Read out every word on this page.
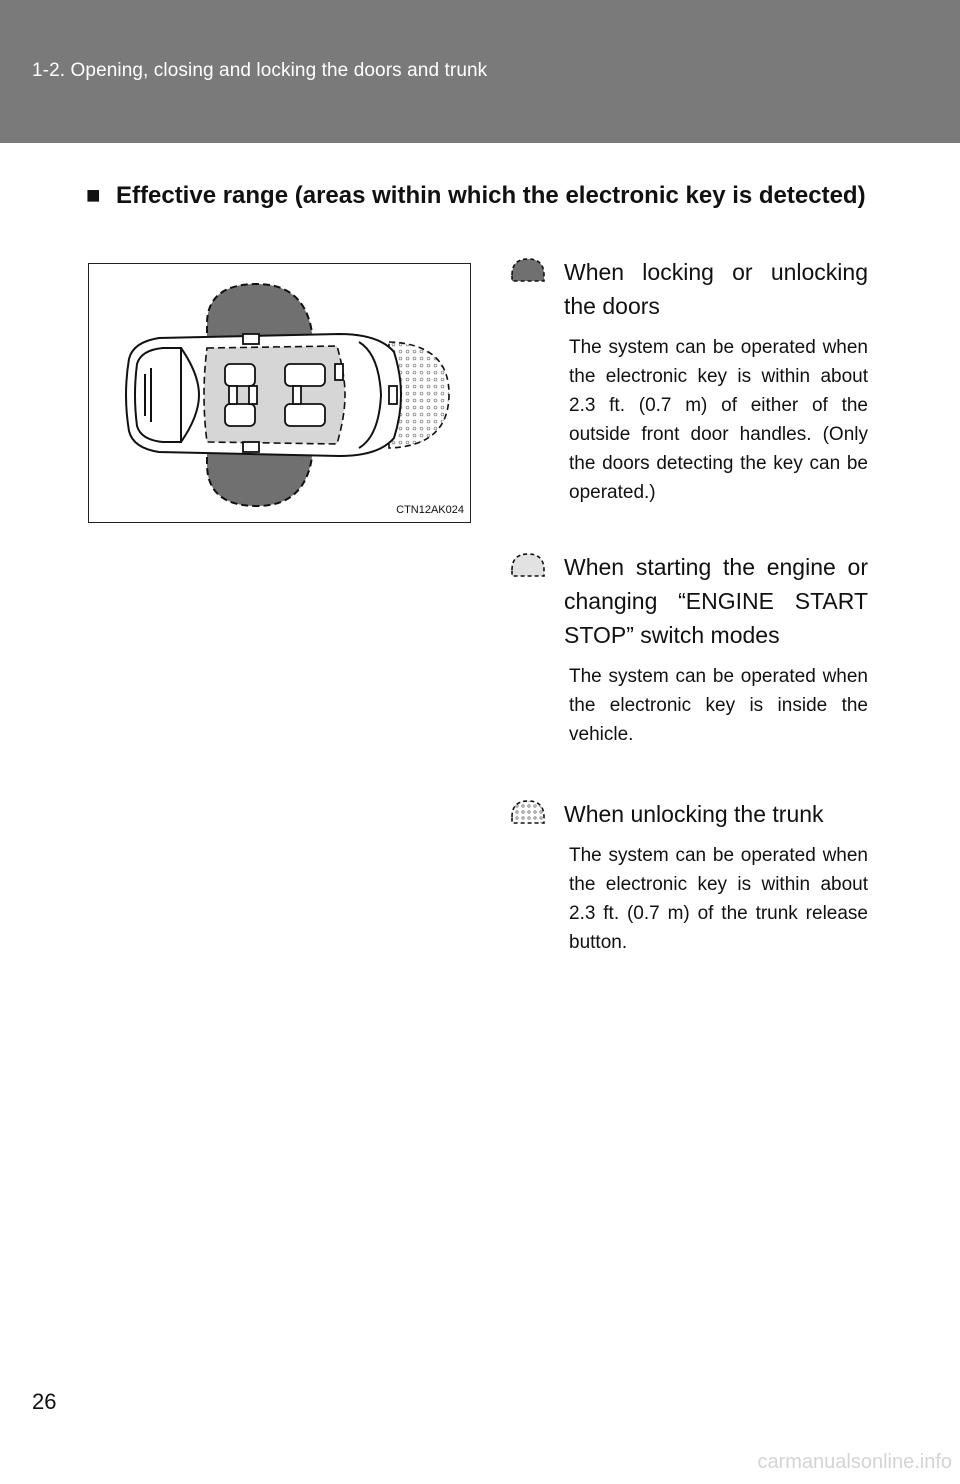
1-2. Opening, closing and locking the doors and trunk
■ Effective range (areas within which the electronic key is detected)
CTN12AK024
When locking or unlocking the doors
The system can be operated when the electronic key is within about 2.3 ft. (0.7 m) of either of the outside front door handles. (Only the doors detecting the key can be operated.)
When starting the engine or changing “ENGINE START STOP” switch modes
The system can be operated when the electronic key is inside the vehicle.
When unlocking the trunk
The system can be operated when the electronic key is within about 2.3 ft. (0.7 m) of the trunk release button.
26
carmanualsonline.info
